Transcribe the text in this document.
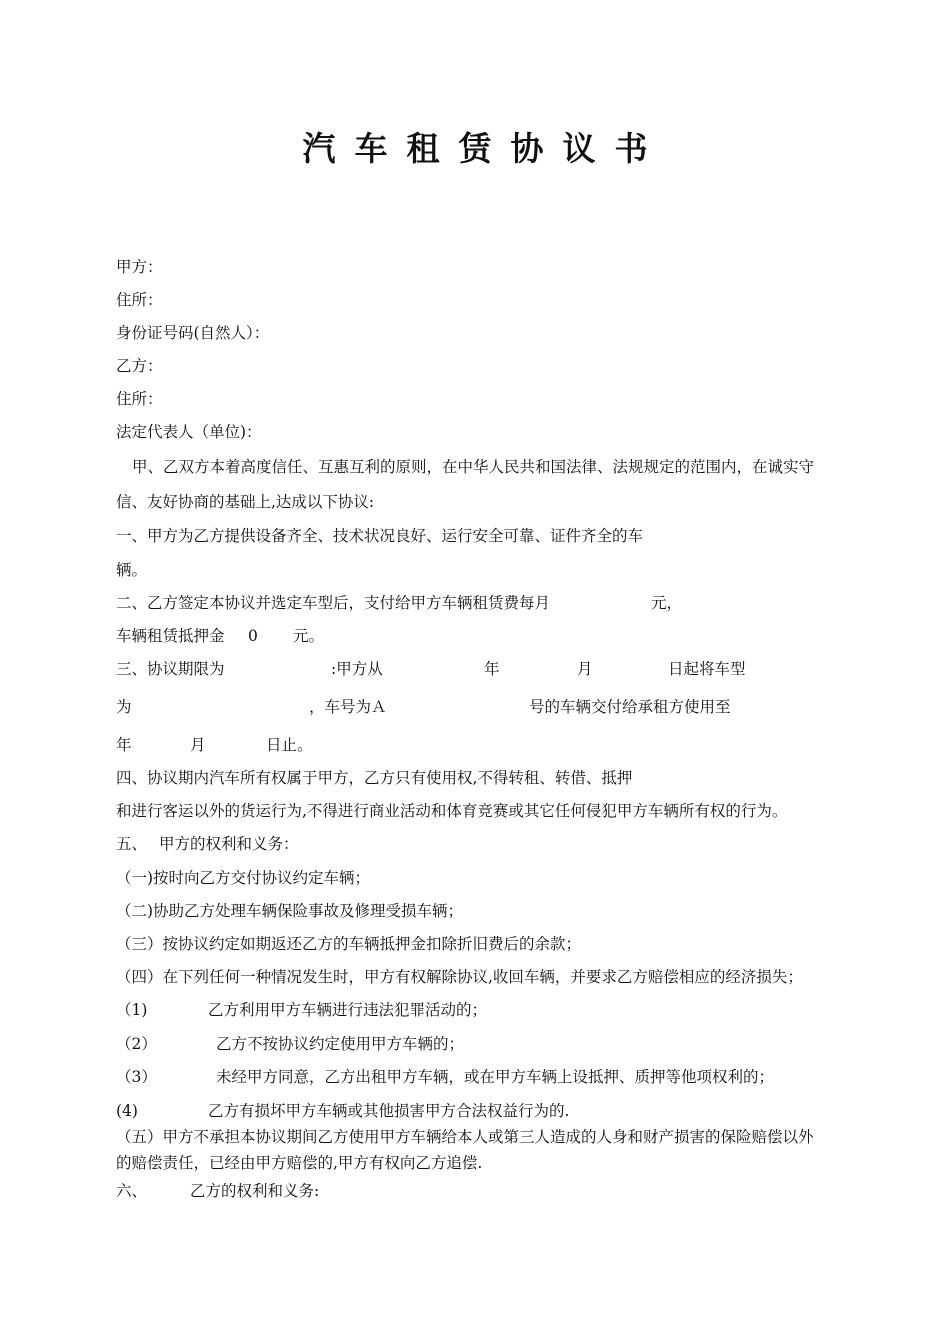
汽车租赁协议书
甲方：
住所：
身份证号码(自然人）：
乙方：
住所：
法定代表人（单位)：
甲、乙双方本着高度信任、互惠互利的原则，在中华人民共和国法律、法规规定的范围内，在诚实守
信、友好协商的基础上,达成以下协议:
一、甲方为乙方提供设备齐全、技术状况良好、运行安全可靠、证件齐全的车
辆。
二、乙方签定本协议并选定车型后，支付给甲方车辆租赁费每月	元，
车辆租赁抵押金 0 元。
三、协议期限为	:甲方从	年	月	日起将车型
为	，车号为Ａ	号的车辆交付给承租方使用至
年	月	日止。
四、协议期内汽车所有权属于甲方，乙方只有使用权,不得转租、转借、抵押
和进行客运以外的货运行为,不得进行商业活动和体育竞赛或其它任何侵犯甲方车辆所有权的行为。
五、 甲方的权利和义务：
（一)按时向乙方交付协议约定车辆；
（二)协助乙方处理车辆保险事故及修理受损车辆；
（三）按协议约定如期返还乙方的车辆抵押金扣除折旧费后的余款；
（四）在下列任何一种情况发生时，甲方有权解除协议,收回车辆，并要求乙方赔偿相应的经济损失；
（1)	乙方利用甲方车辆进行违法犯罪活动的；
（2）	乙方不按协议约定使用甲方车辆的；
（3）	未经甲方同意，乙方出租甲方车辆，或在甲方车辆上设抵押、质押等他项权利的；
(4)	乙方有损坏甲方车辆或其他损害甲方合法权益行为的.
（五）甲方不承担本协议期间乙方使用甲方车辆给本人或第三人造成的人身和财产损害的保险赔偿以外
的赔偿责任，已经由甲方赔偿的,甲方有权向乙方追偿.
六、	乙方的权利和义务:
